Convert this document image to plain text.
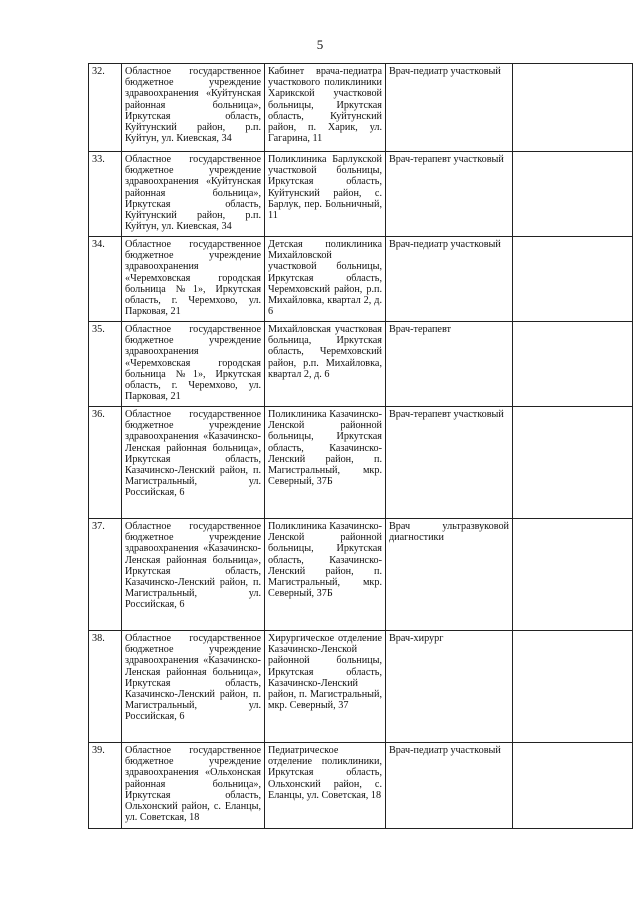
5
32.	Областное государственное бюджетное учреждение здравоохранения «Куйтунская районная больница», Иркутская область, Куйтунский район, р.п. Куйтун, ул. Киевская, 34	Кабинет врача-педиатра участкового поликлиники Харикской участковой больницы, Иркутская область, Куйтунский район, п. Харик, ул. Гагарина, 11	Врач-педиатр участковый	
33.	Областное государственное бюджетное учреждение здравоохранения «Куйтунская районная больница», Иркутская область, Куйтунский район, р.п. Куйтун, ул. Киевская, 34	Поликлиника Барлукской участковой больницы, Иркутская область, Куйтунский район, с. Барлук, пер. Больничный, 11	Врач-терапевт участковый	
34.	Областное государственное бюджетное учреждение здравоохранения «Черемховская городская больница №1», Иркутская область, г. Черемхово, ул. Парковая, 21	Детская поликлиника Михайловской участковой больницы, Иркутская область, Черемховский район, р.п. Михайловка, квартал 2, д. 6	Врач-педиатр участковый	
35.	Областное государственное бюджетное учреждение здравоохранения «Черемховская городская больница №1», Иркутская область, г. Черемхово, ул. Парковая, 21	Михайловская участковая больница, Иркутская область, Черемховский район, р.п. Михайловка, квартал 2, д. 6	Врач-терапевт	
36.	Областное государственное бюджетное учреждение здравоохранения «Казачинско-Ленская районная больница», Иркутская область, Казачинско-Ленский район, п. Магистральный, ул. Российская, 6	Поликлиника Казачинско-Ленской районной больницы, Иркутская область, Казачинско-Ленский район, п. Магистральный, мкр. Северный, 37Б	Врач-терапевт участковый	
37.	Областное государственное бюджетное учреждение здравоохранения «Казачинско-Ленская районная больница», Иркутская область, Казачинско-Ленский район, п. Магистральный, ул. Российская, 6	Поликлиника Казачинско-Ленской районной больницы, Иркутская область, Казачинско-Ленский район, п. Магистральный, мкр. Северный, 37Б	Врач ультразвуковой диагностики	
38.	Областное государственное бюджетное учреждение здравоохранения «Казачинско-Ленская районная больница», Иркутская область, Казачинско-Ленский район, п. Магистральный, ул. Российская, 6	Хирургическое отделение Казачинско-Ленской районной больницы, Иркутская область, Казачинско-Ленский район, п. Магистральный, мкр. Северный, 37	Врач-хирург	
39.	Областное государственное бюджетное учреждение здравоохранения «Ольхонская районная больница», Иркутская область, Ольхонский район, с. Еланцы, ул. Советская, 18	Педиатрическое отделение поликлиники, Иркутская область, Ольхонский район, с. Еланцы, ул. Советская, 18	Врач-педиатр участковый	
